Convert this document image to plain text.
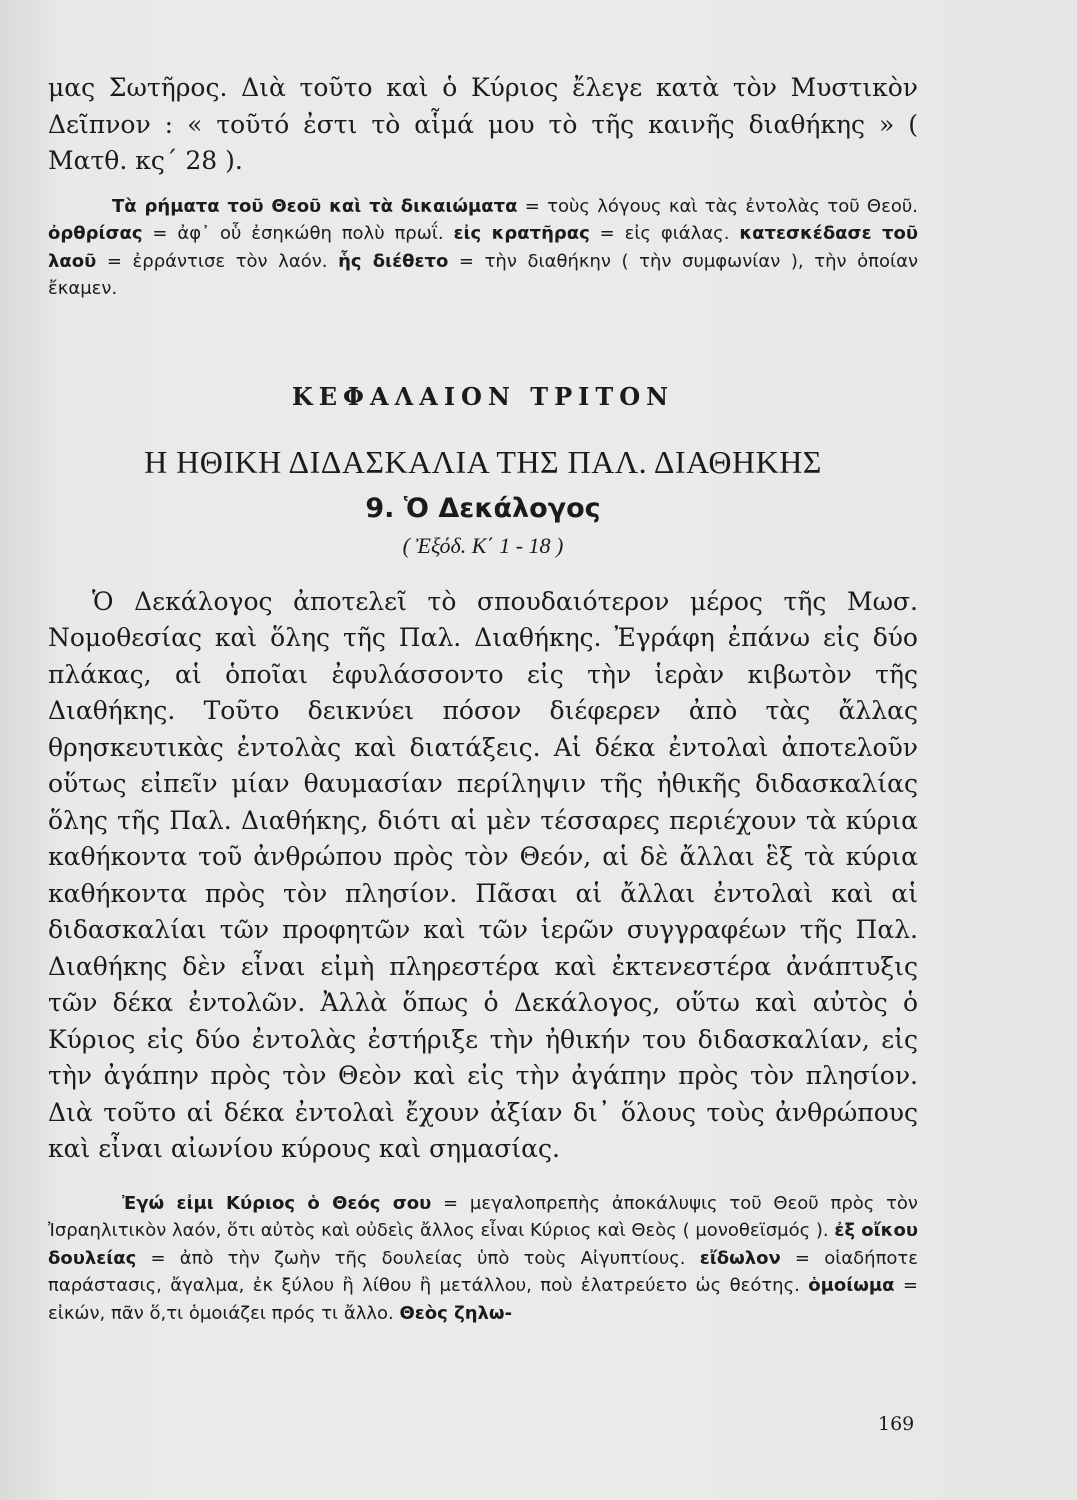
μας Σωτῆρος. Διὰ τοῦτο καὶ ὁ Κύριος ἔλεγε κατὰ τὸν Μυστικὸν Δεῖπνον : « τοῦτό ἐστι τὸ αἷμά μου τὸ τῆς καινῆς διαθήκης » ( Ματθ. κς΄ 28 ).

Τὰ ρήματα τοῦ Θεοῦ καὶ τὰ δικαιώματα = τοὺς λόγους καὶ τὰς ἐντολὰς τοῦ Θεοῦ. ὀρθρίσας = ἀφ᾽ οὗ ἐσηκώθη πολὺ πρωΐ. εἰς κρατῆρας = εἰς φιάλας. κατεσκέδασε τοῦ λαοῦ = ἐρράντισε τὸν λαόν. ἧς διέθετο = τὴν διαθήκην ( τὴν συμφωνίαν ), τὴν ὁποίαν ἔκαμεν.

ΚΕΦΑΛΑΙΟΝ ΤΡΙΤΟΝ
Η ΗΘΙΚΗ ΔΙΔΑΣΚΑΛΙΑ ΤΗΣ ΠΑΛ. ΔΙΑΘΗΚΗΣ
9. Ὁ Δεκάλογος
( Ἐξόδ. Κ΄ 1 - 18 )

Ὁ Δεκάλογος ἀποτελεῖ τὸ σπουδαιότερον μέρος τῆς Μωσ. Νομοθεσίας καὶ ὅλης τῆς Παλ. Διαθήκης. Ἐγράφη ἐπάνω εἰς δύο πλάκας, αἱ ὁποῖαι ἐφυλάσσοντο εἰς τὴν ἱερὰν κιβωτὸν τῆς Διαθήκης. Τοῦτο δεικνύει πόσον διέφερεν ἀπὸ τὰς ἄλλας θρησκευτικὰς ἐντολὰς καὶ διατάξεις. Αἱ δέκα ἐντολαὶ ἀποτελοῦν οὕτως εἰπεῖν μίαν θαυμασίαν περίληψιν τῆς ἠθικῆς διδασκαλίας ὅλης τῆς Παλ. Διαθήκης, διότι αἱ μὲν τέσσαρες περιέχουν τὰ κύρια καθήκοντα τοῦ ἀνθρώπου πρὸς τὸν Θεόν, αἱ δὲ ἄλλαι ἓξ τὰ κύρια καθήκοντα πρὸς τὸν πλησίον. Πᾶσαι αἱ ἄλλαι ἐντολαὶ καὶ αἱ διδασκαλίαι τῶν προφητῶν καὶ τῶν ἱερῶν συγγραφέων τῆς Παλ. Διαθήκης δὲν εἶναι εἰμὴ πληρεστέρα καὶ ἐκτενεστέρα ἀνάπτυξις τῶν δέκα ἐντολῶν. Ἀλλὰ ὅπως ὁ Δεκάλογος, οὕτω καὶ αὐτὸς ὁ Κύριος εἰς δύο ἐντολὰς ἐστήριξε τὴν ἠθικήν του διδασκαλίαν, εἰς τὴν ἀγάπην πρὸς τὸν Θεὸν καὶ εἰς τὴν ἀγάπην πρὸς τὸν πλησίον. Διὰ τοῦτο αἱ δέκα ἐντολαὶ ἔχουν ἀξίαν δι᾽ ὅλους τοὺς ἀνθρώπους καὶ εἶναι αἰωνίου κύρους καὶ σημασίας.

Ἐγώ εἰμι Κύριος ὁ Θεός σου = μεγαλοπρεπὴς ἀποκάλυψις τοῦ Θεοῦ πρὸς τὸν Ἰσραηλιτικὸν λαόν, ὅτι αὐτὸς καὶ οὐδεὶς ἄλλος εἶναι Κύριος καὶ Θεὸς ( μονοθεϊσμός ). ἐξ οἴκου δουλείας = ἀπὸ τὴν ζωὴν τῆς δουλείας ὑπὸ τοὺς Αἰγυπτίους. εἴδωλον = οἱαδήποτε παράστασις, ἄγαλμα, ἐκ ξύλου ἢ λίθου ἢ μετάλλου, ποὺ ἐλατρεύετο ὡς θεότης. ὁμοίωμα = εἰκών, πᾶν ὅ,τι ὁμοιάζει πρός τι ἄλλο. Θεὸς ζηλω-

169
